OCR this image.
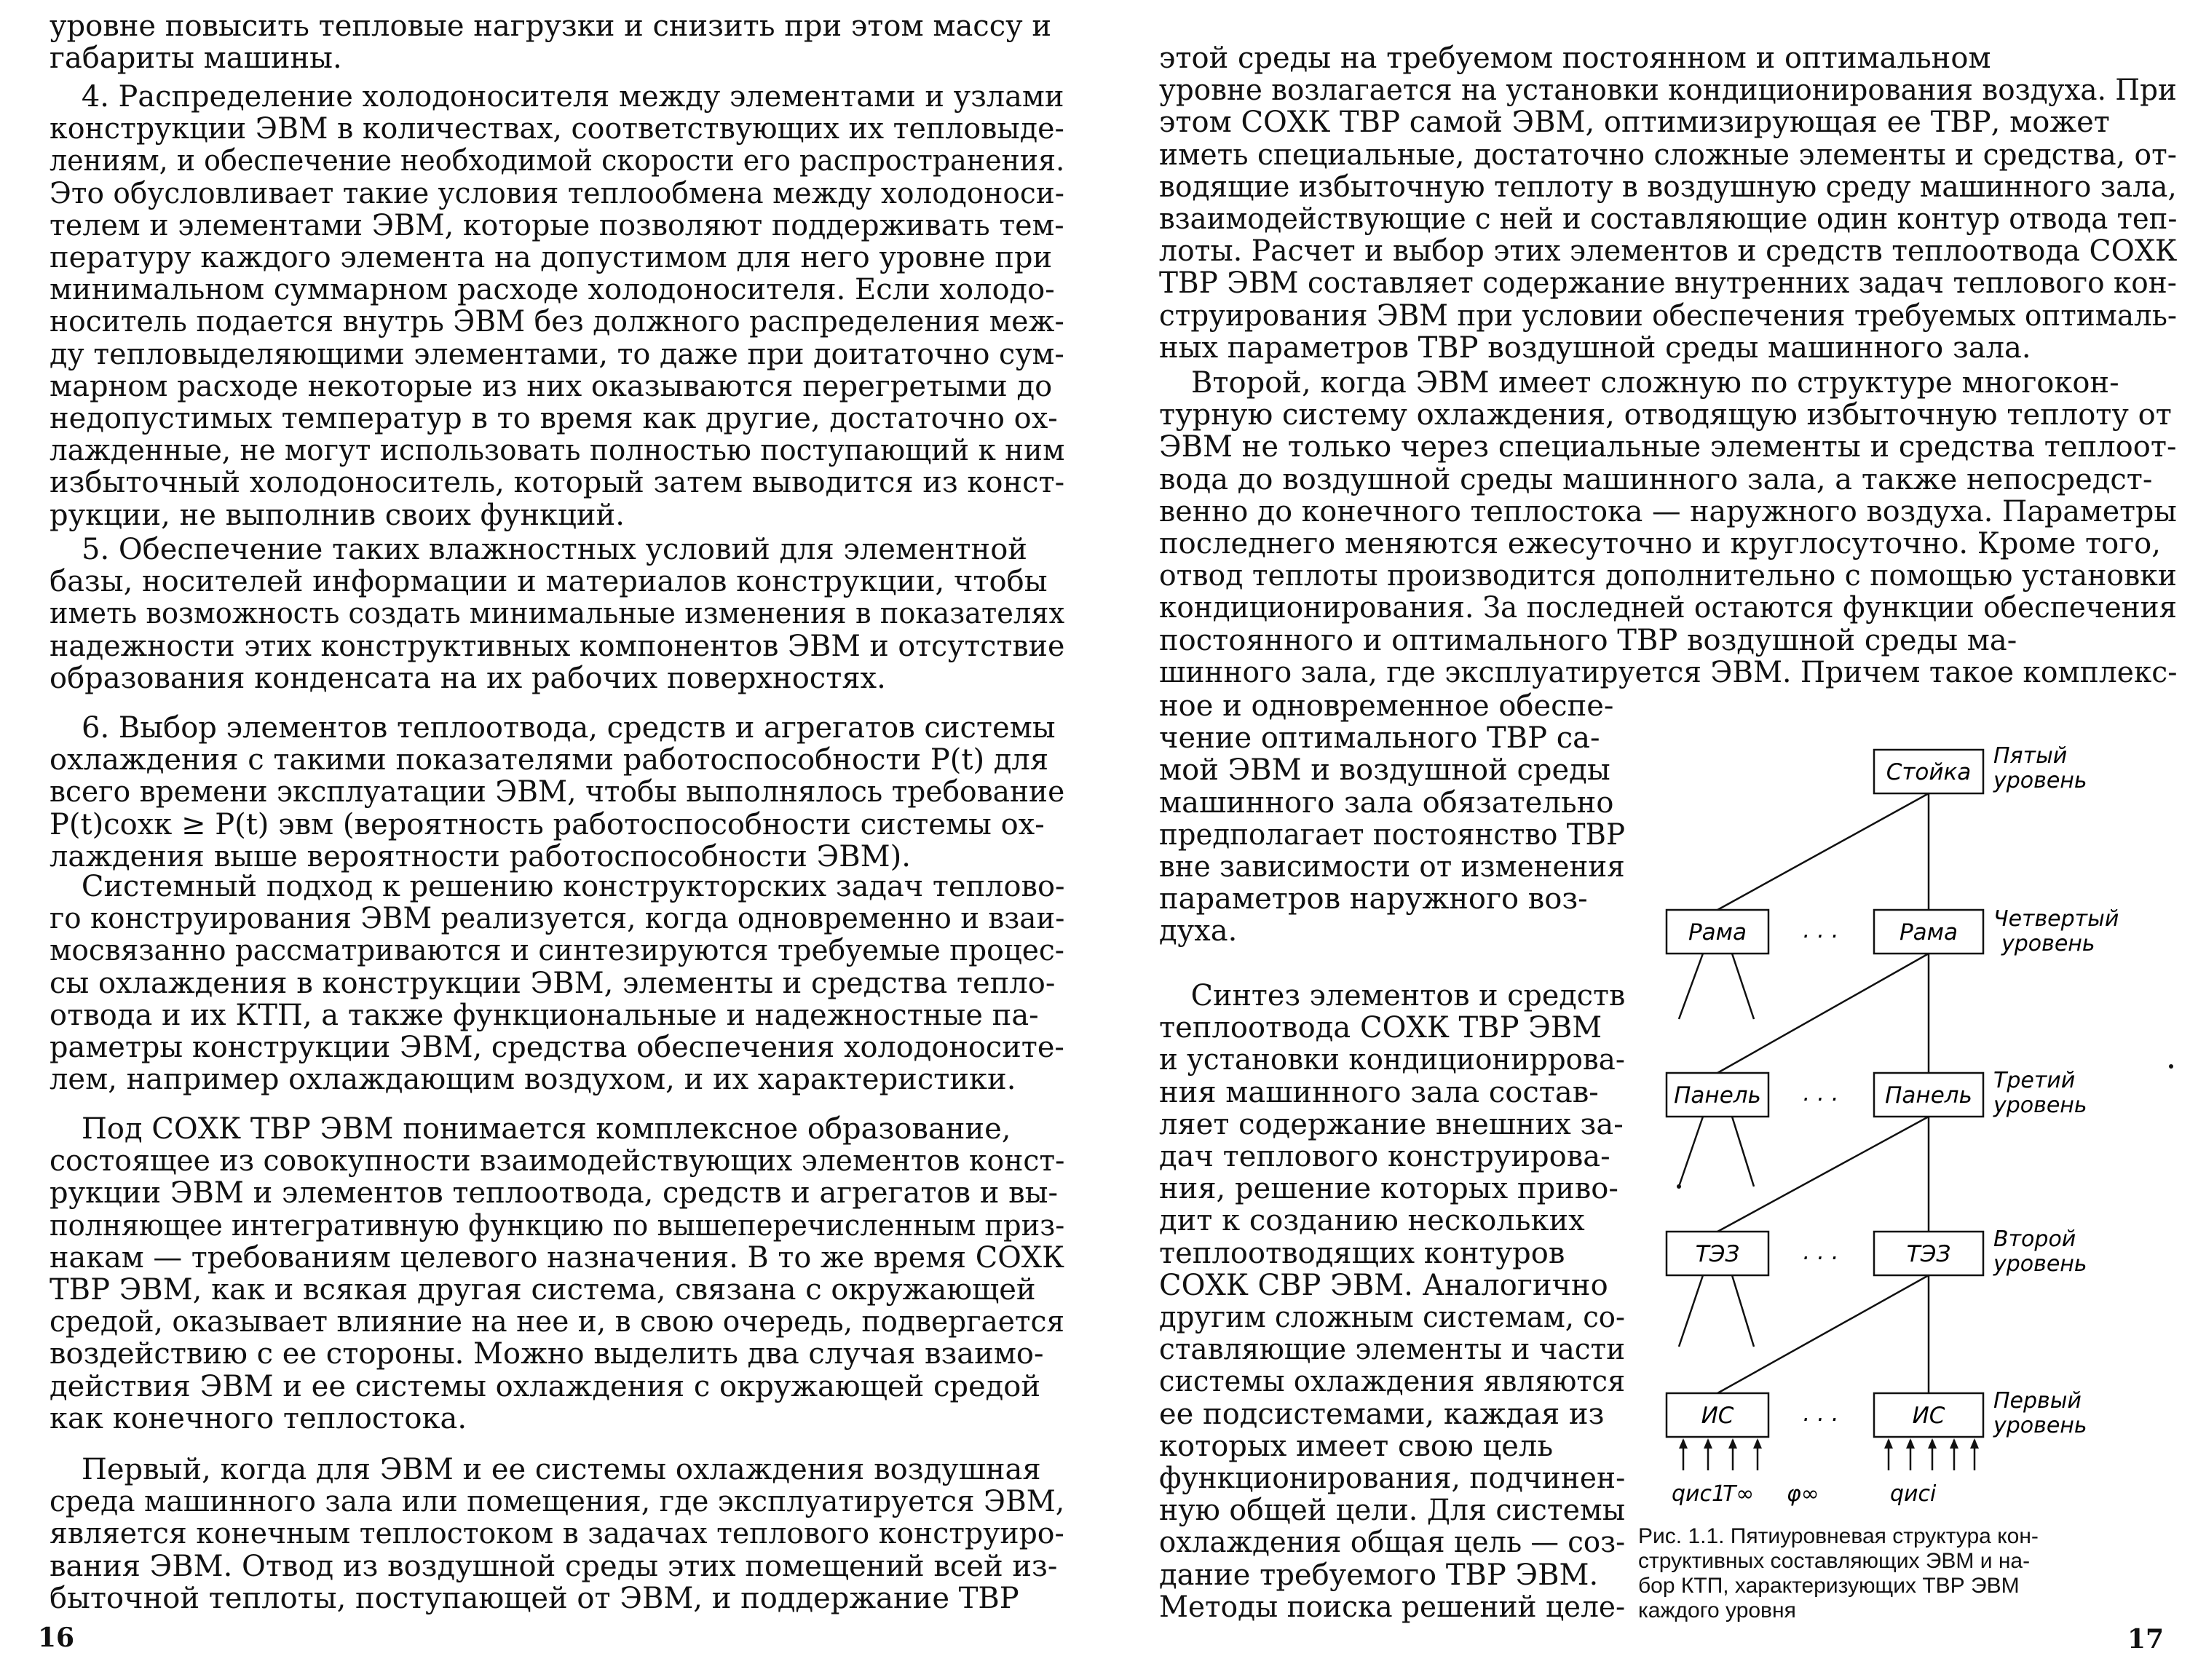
уровне повысить тепловые нагрузки и снизить при этом массу и
габариты машины.
4. Распределение холодоносителя между элементами и узлами
конструкции ЭВМ в количествах, соответствующих их тепловыде-
лениям, и обеспечение необходимой скорости его распространения.
Это обусловливает такие условия теплообмена между холодоноси-
телем и элементами ЭВМ, которые позволяют поддерживать тем-
пературу каждого элемента на допустимом для него уровне при
минимальном суммарном расходе холодоносителя. Если холодо-
носитель подается внутрь ЭВМ без должного распределения меж-
ду тепловыделяющими элементами, то даже при доитаточно сум-
марном расходе некоторые из них оказываются перегретыми до
недопустимых температур в то время как другие, достаточно ох-
лажденные, не могут использовать полностью поступающий к ним
избыточный холодоноситель, который затем выводится из конст-
рукции, не выполнив своих функций.
5. Обеспечение таких влажностных условий для элементной
базы, носителей информации и материалов конструкции, чтобы
иметь возможность создать минимальные изменения в показателях
надежности этих конструктивных компонентов ЭВМ и отсутствие
образования конденсата на их рабочих поверхностях.
6. Выбор элементов теплоотвода, средств и агрегатов системы
охлаждения с такими показателями работоспособности P(t) для
всего времени эксплуатации ЭВМ, чтобы выполнялось требование
P(t)сохк ≥ P(t) эвм (вероятность работоспособности системы ох-
лаждения выше вероятности работоспособности ЭВМ).
Системный подход к решению конструкторских задач теплово-
го конструирования ЭВМ реализуется, когда одновременно и взаи-
мосвязанно рассматриваются и синтезируются требуемые процес-
сы охлаждения в конструкции ЭВМ, элементы и средства тепло-
отвода и их КТП, а также функциональные и надежностные па-
раметры конструкции ЭВМ, средства обеспечения холодоносите-
лем, например охлаждающим воздухом, и их характеристики.
Под СОХК ТВР ЭВМ понимается комплексное образование,
состоящее из совокупности взаимодействующих элементов конст-
рукции ЭВМ и элементов теплоотвода, средств и агрегатов и вы-
полняющее интегративную функцию по вышеперечисленным приз-
накам — требованиям целевого назначения. В то же время СОХК
ТВР ЭВМ, как и всякая другая система, связана с окружающей
средой, оказывает влияние на нее и, в свою очередь, подвергается
воздействию с ее стороны. Можно выделить два случая взаимо-
действия ЭВМ и ее системы охлаждения с окружающей средой
как конечного теплостока.
Первый, когда для ЭВМ и ее системы охлаждения воздушная
среда машинного зала или помещения, где эксплуатируется ЭВМ,
является конечным теплостоком в задачах теплового конструиро-
вания ЭВМ. Отвод из воздушной среды этих помещений всей из-
быточной теплоты, поступающей от ЭВМ, и поддержание ТВР
16
этой среды на требуемом постоянном и оптимальном
уровне возлагается на установки кондиционирования воздуха. При
этом СОХК ТВР самой ЭВМ, оптимизирующая ее ТВР, может
иметь специальные, достаточно сложные элементы и средства, от-
водящие избыточную теплоту в воздушную среду машинного зала,
взаимодействующие с ней и составляющие один контур отвода теп-
лоты. Расчет и выбор этих элементов и средств теплоотвода СОХК
ТВР ЭВМ составляет содержание внутренних задач теплового кон-
струирования ЭВМ при условии обеспечения требуемых оптималь-
ных параметров ТВР воздушной среды машинного зала.
Второй, когда ЭВМ имеет сложную по структуре многокон-
турную систему охлаждения, отводящую избыточную теплоту от
ЭВМ не только через специальные элементы и средства теплоот-
вода до воздушной среды машинного зала, а также непосредст-
венно до конечного теплостока — наружного воздуха. Параметры
последнего меняются ежесуточно и круглосуточно. Кроме того,
отвод теплоты производится дополнительно с помощью установки
кондиционирования. За последней остаются функции обеспечения
постоянного и оптимального ТВР воздушной среды ма-
шинного зала, где эксплуатируется ЭВМ. Причем такое комплекс-
ное и одновременное обеспе-
чение оптимального ТВР са-
мой ЭВМ и воздушной среды
машинного зала обязательно
предполагает постоянство ТВР
вне зависимости от изменения
параметров наружного воз-
духа.
Синтез элементов и средств
теплоотвода СОХК ТВР ЭВМ
и установки кондициониррова-
ния машинного зала состав-
ляет содержание внешних за-
дач теплового конструирова-
ния, решение которых приво-
дит к созданию нескольких
теплоотводящих контуров
СОХК СВР ЭВМ. Аналогично
другим сложным системам, со-
ставляющие элементы и части
системы охлаждения являются
ее подсистемами, каждая из
которых имеет свою цель
функционирования, подчинен-
ную общей цели. Для системы
охлаждения общая цель — соз-
дание требуемого ТВР ЭВМ.
Методы поиска решений целе-
Стойка
Рама	Рама
Панель	Панель
ТЭЗ	ТЭЗ
ИС	ИС
. . .
. . .
. . .
. . .
Пятый
уровень
Четвертый
уровень
Третий
уровень
Второй
уровень
Первый
уровень
qис1
T∞ φ∞	qисi
Рис. 1.1. Пятиуровневая структура кон-
структивных составляющих ЭВМ и на-
бор КТП, характеризующих ТВР ЭВМ
каждого уровня
17
